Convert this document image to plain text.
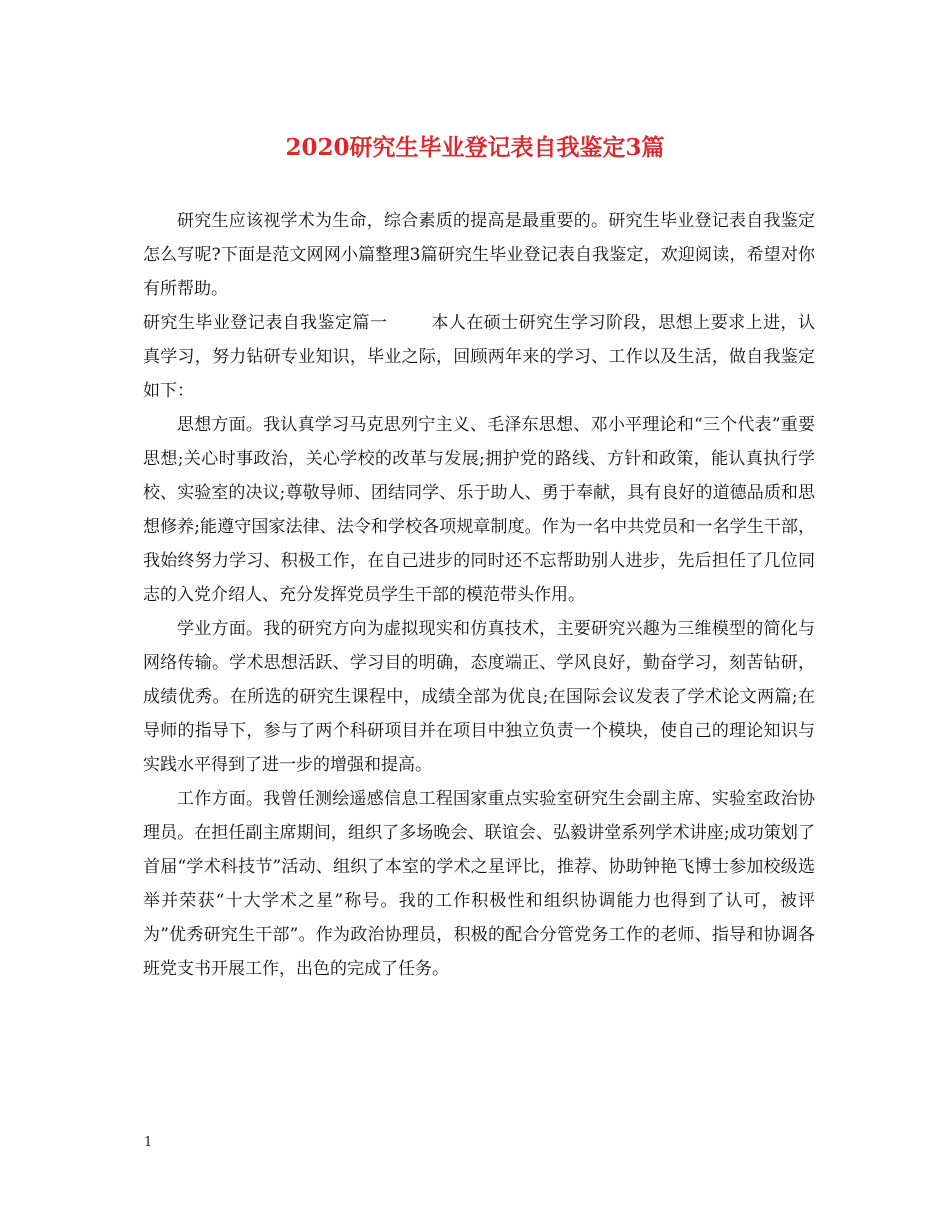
2020研究生毕业登记表自我鉴定3篇

研究生应该视学术为生命，综合素质的提高是最重要的。研究生毕业登记表自我鉴定怎么写呢?下面是范文网网小篇整理3篇研究生毕业登记表自我鉴定，欢迎阅读，希望对你有所帮助。

研究生毕业登记表自我鉴定篇一	本人在硕士研究生学习阶段，思想上要求上进，认真学习，努力钻研专业知识，毕业之际，回顾两年来的学习、工作以及生活，做自我鉴定如下：

思想方面。我认真学习马克思列宁主义、毛泽东思想、邓小平理论和“三个代表”重要思想;关心时事政治，关心学校的改革与发展;拥护党的路线、方针和政策，能认真执行学校、实验室的决议;尊敬导师、团结同学、乐于助人、勇于奉献，具有良好的道德品质和思想修养;能遵守国家法律、法令和学校各项规章制度。作为一名中共党员和一名学生干部，我始终努力学习、积极工作，在自己进步的同时还不忘帮助别人进步，先后担任了几位同志的入党介绍人、充分发挥党员学生干部的模范带头作用。

学业方面。我的研究方向为虚拟现实和仿真技术，主要研究兴趣为三维模型的简化与网络传输。学术思想活跃、学习目的明确，态度端正、学风良好，勤奋学习，刻苦钻研，成绩优秀。在所选的研究生课程中，成绩全部为优良;在国际会议发表了学术论文两篇;在导师的指导下，参与了两个科研项目并在项目中独立负责一个模块，使自己的理论知识与实践水平得到了进一步的增强和提高。

工作方面。我曾任测绘遥感信息工程国家重点实验室研究生会副主席、实验室政治协理员。在担任副主席期间，组织了多场晚会、联谊会、弘毅讲堂系列学术讲座;成功策划了首届“学术科技节”活动、组织了本室的学术之星评比，推荐、协助钟艳飞博士参加校级选举并荣获“十大学术之星”称号。我的工作积极性和组织协调能力也得到了认可，被评为”优秀研究生干部”。作为政治协理员，积极的配合分管党务工作的老师、指导和协调各班党支书开展工作，出色的完成了任务。

1
